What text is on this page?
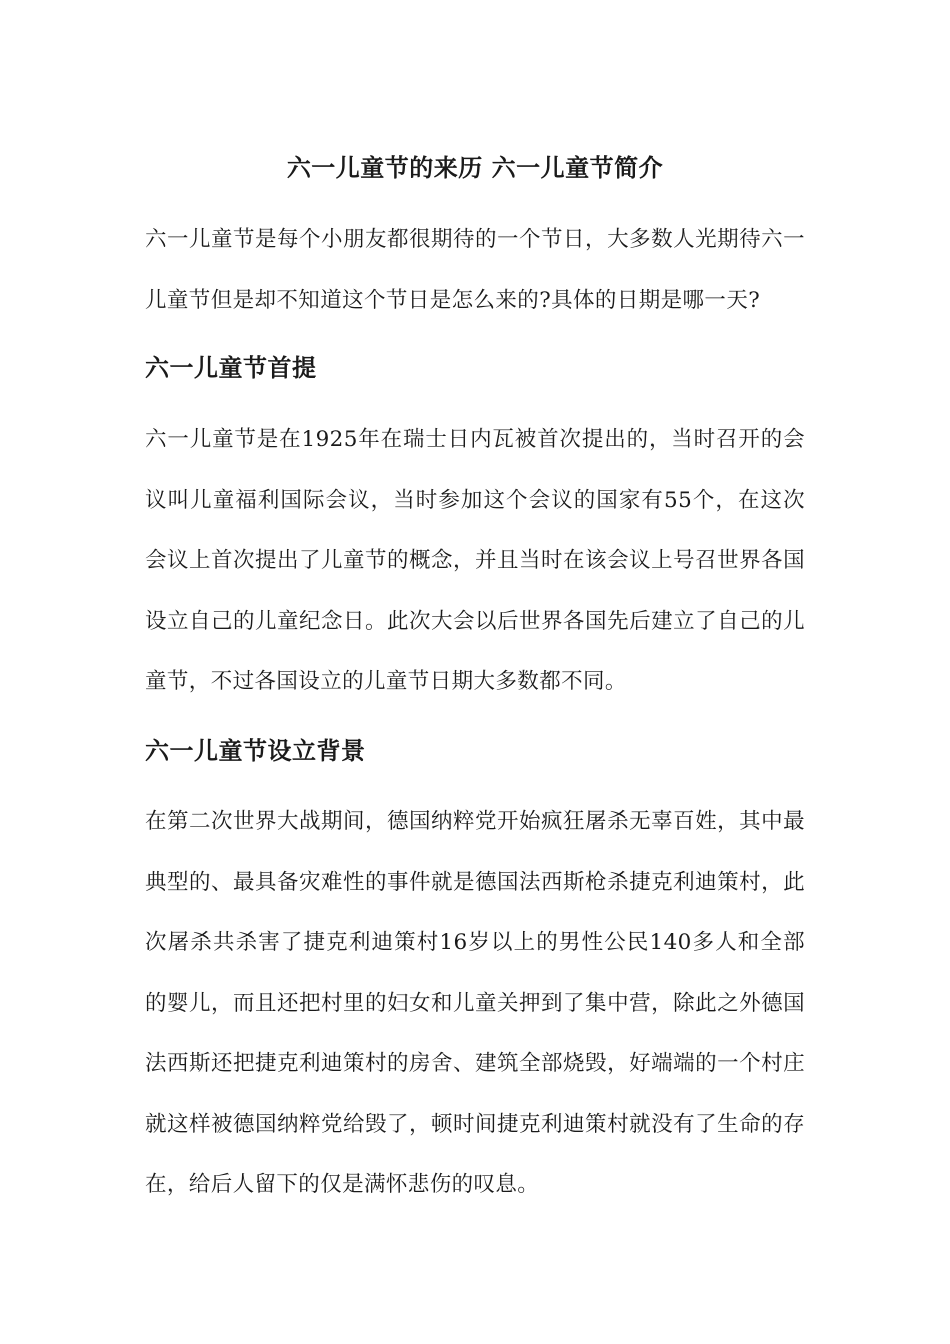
六一儿童节的来历 六一儿童节简介

六一儿童节是每个小朋友都很期待的一个节日，大多数人光期待六一儿童节但是却不知道这个节日是怎么来的?具体的日期是哪一天?

六一儿童节首提

六一儿童节是在1925年在瑞士日内瓦被首次提出的，当时召开的会议叫儿童福利国际会议，当时参加这个会议的国家有55个，在这次会议上首次提出了儿童节的概念，并且当时在该会议上号召世界各国设立自己的儿童纪念日。此次大会以后世界各国先后建立了自己的儿童节，不过各国设立的儿童节日期大多数都不同。

六一儿童节设立背景

在第二次世界大战期间，德国纳粹党开始疯狂屠杀无辜百姓，其中最典型的、最具备灾难性的事件就是德国法西斯枪杀捷克利迪策村，此次屠杀共杀害了捷克利迪策村16岁以上的男性公民140多人和全部的婴儿，而且还把村里的妇女和儿童关押到了集中营，除此之外德国法西斯还把捷克利迪策村的房舍、建筑全部烧毁，好端端的一个村庄就这样被德国纳粹党给毁了，顿时间捷克利迪策村就没有了生命的存在，给后人留下的仅是满怀悲伤的叹息。
